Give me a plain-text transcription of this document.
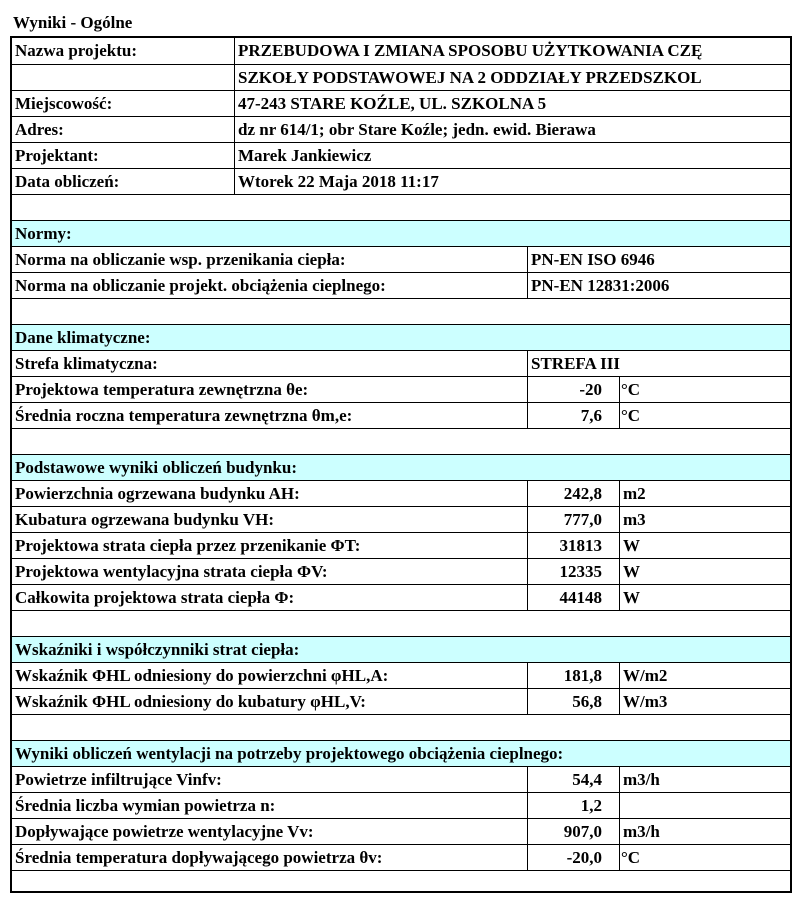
Wyniki - Ogólne
Nazwa projektu:	PRZEBUDOWA I ZMIANA SPOSOBU UŻYTKOWANIA CZĘ
SZKOŁY PODSTAWOWEJ NA 2 ODDZIAŁY PRZEDSZKOL
Miejscowość:	47-243 STARE KOŹLE, UL. SZKOLNA 5
Adres:	dz nr 614/1; obr Stare Koźle; jedn. ewid. Bierawa
Projektant:	Marek Jankiewicz
Data obliczeń:	Wtorek 22 Maja 2018 11:17
Normy:
Norma na obliczanie wsp. przenikania ciepła:	PN-EN ISO 6946
Norma na obliczanie projekt. obciążenia cieplnego:	PN-EN 12831:2006
Dane klimatyczne:
Strefa klimatyczna:	STREFA III
Projektowa temperatura zewnętrzna θe:	-20	°C
Średnia roczna temperatura zewnętrzna θm,e:	7,6	°C
Podstawowe wyniki obliczeń budynku:
Powierzchnia ogrzewana budynku AH:	242,8	m2
Kubatura ogrzewana budynku VH:	777,0	m3
Projektowa strata ciepła przez przenikanie ΦT:	31813	W
Projektowa wentylacyjna strata ciepła ΦV:	12335	W
Całkowita projektowa strata ciepła Φ:	44148	W
Wskaźniki i współczynniki strat ciepła:
Wskaźnik ΦHL odniesiony do powierzchni φHL,A:	181,8	W/m2
Wskaźnik ΦHL odniesiony do kubatury φHL,V:	56,8	W/m3
Wyniki obliczeń wentylacji na potrzeby projektowego obciążenia cieplnego:
Powietrze infiltrujące Vinfv:	54,4	m3/h
Średnia liczba wymian powietrza n:	1,2
Dopływające powietrze wentylacyjne Vv:	907,0	m3/h
Średnia temperatura dopływającego powietrza θv:	-20,0	°C
